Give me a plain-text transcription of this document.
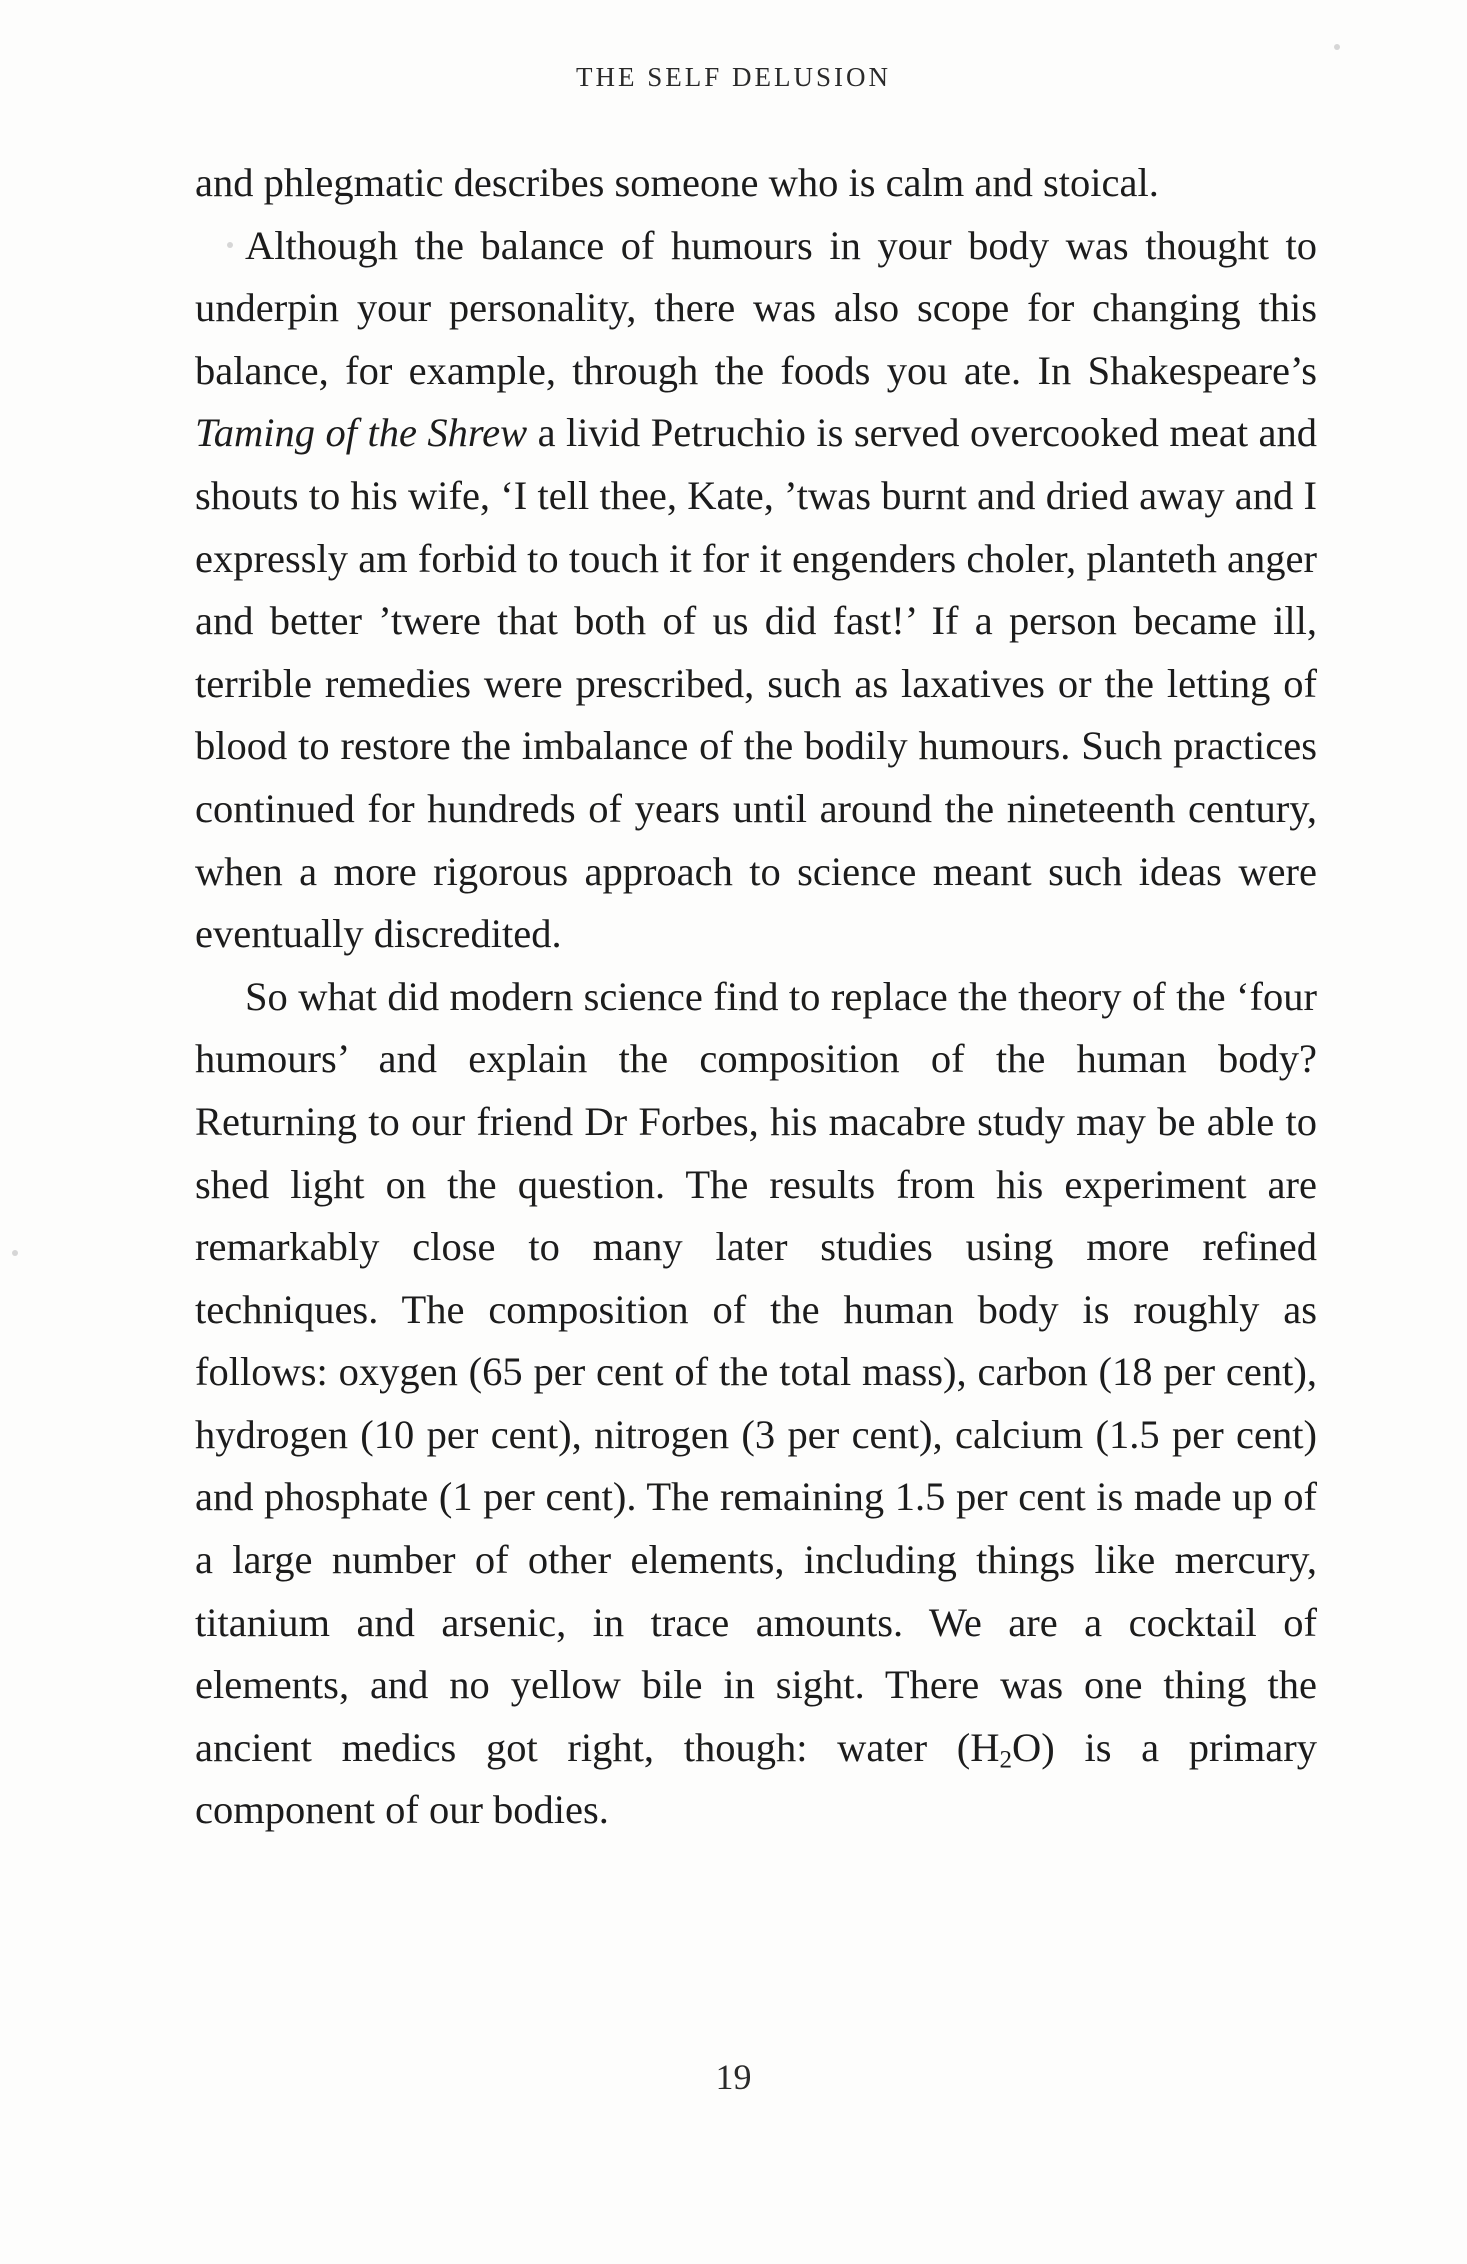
THE SELF DELUSION

and phlegmatic describes someone who is calm and stoical.

Although the balance of humours in your body was thought to underpin your personality, there was also scope for changing this balance, for example, through the foods you ate. In Shakespeare’s Taming of the Shrew a livid Petruchio is served overcooked meat and shouts to his wife, ‘I tell thee, Kate, ’twas burnt and dried away and I expressly am forbid to touch it for it engenders choler, planteth anger and better ’twere that both of us did fast!’ If a person became ill, terrible remedies were prescribed, such as laxatives or the letting of blood to restore the imbalance of the bodily humours. Such practices continued for hundreds of years until around the nineteenth century, when a more rigorous approach to science meant such ideas were eventually discredited.

So what did modern science find to replace the theory of the ‘four humours’ and explain the composition of the human body? Returning to our friend Dr Forbes, his macabre study may be able to shed light on the question. The results from his experiment are remarkably close to many later studies using more refined techniques. The composition of the human body is roughly as follows: oxygen (65 per cent of the total mass), carbon (18 per cent), hydrogen (10 per cent), nitrogen (3 per cent), calcium (1.5 per cent) and phosphate (1 per cent). The remaining 1.5 per cent is made up of a large number of other elements, including things like mercury, titanium and arsenic, in trace amounts. We are a cocktail of elements, and no yellow bile in sight. There was one thing the ancient medics got right, though: water $(H_2O)$ is a primary component of our bodies.

19
